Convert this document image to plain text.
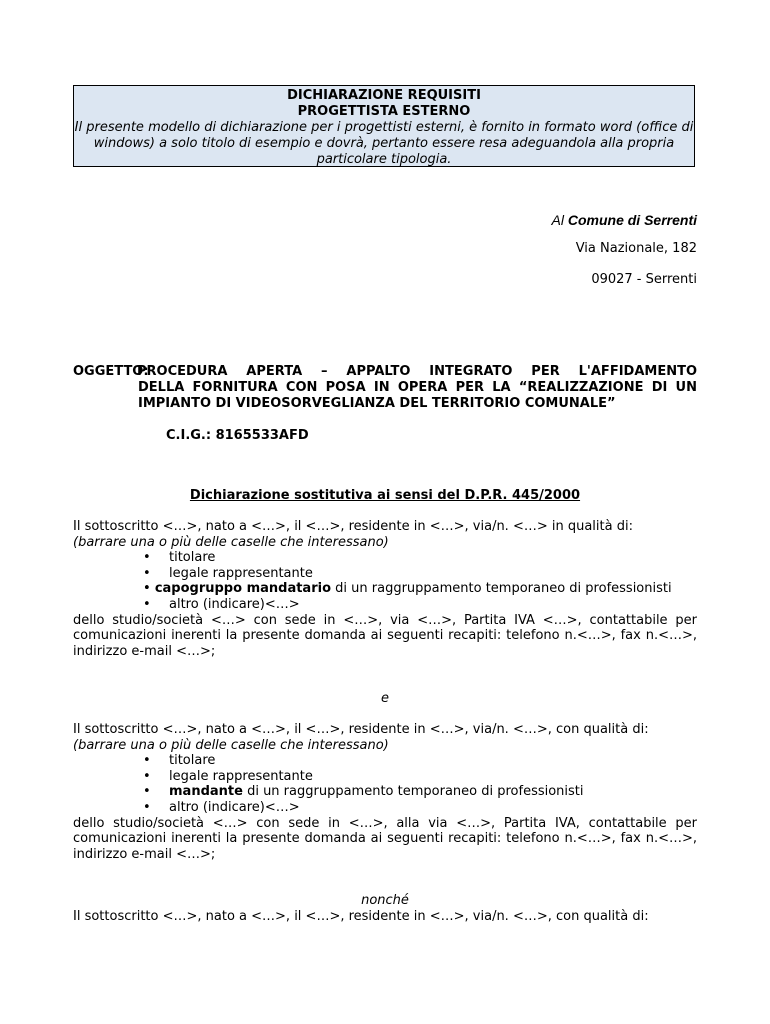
DICHIARAZIONE REQUISITI
PROGETTISTA ESTERNO
Il presente modello di dichiarazione per i progettisti esterni, è fornito in formato word (office di windows) a solo titolo di esempio e dovrà, pertanto essere resa adeguandola alla propria particolare tipologia.
Al Comune di Serrenti
Via Nazionale, 182
09027 - Serrenti
OGGETTO:
PROCEDURA APERTA – APPALTO INTEGRATO PER L'AFFIDAMENTO
DELLA FORNITURA CON POSA IN OPERA PER LA “REALIZZAZIONE DI UN IMPIANTO DI VIDEOSORVEGLIANZA DEL TERRITORIO COMUNALE”
C.I.G.: 8165533AFD
Dichiarazione sostitutiva ai sensi del D.P.R. 445/2000
Il sottoscritto <…>, nato a <…>, il <…>, residente in <…>, via/n. <…> in qualità di:
(barrare una o più delle caselle che interessano)
• titolare
• legale rappresentante
• • capogruppo mandatario di un raggruppamento temporaneo di professionisti
• altro (indicare)<…>
dello studio/società <…> con sede in <…>, via <…>, Partita IVA <…>, contattabile per comunicazioni inerenti la presente domanda ai seguenti recapiti: telefono n.<…>, fax n.<…>, indirizzo e-mail <…>;
e
Il sottoscritto <…>, nato a <…>, il <…>, residente in <…>, via/n. <…>, con qualità di:
(barrare una o più delle caselle che interessano)
• titolare
• legale rappresentante
• mandante di un raggruppamento temporaneo di professionisti
• altro (indicare)<…>
dello studio/società <…> con sede in <…>, alla via <…>, Partita IVA, contattabile per comunicazioni inerenti la presente domanda ai seguenti recapiti: telefono n.<…>, fax n.<…>, indirizzo e-mail <…>;
nonché
Il sottoscritto <…>, nato a <…>, il <…>, residente in <…>, via/n. <…>, con qualità di:
